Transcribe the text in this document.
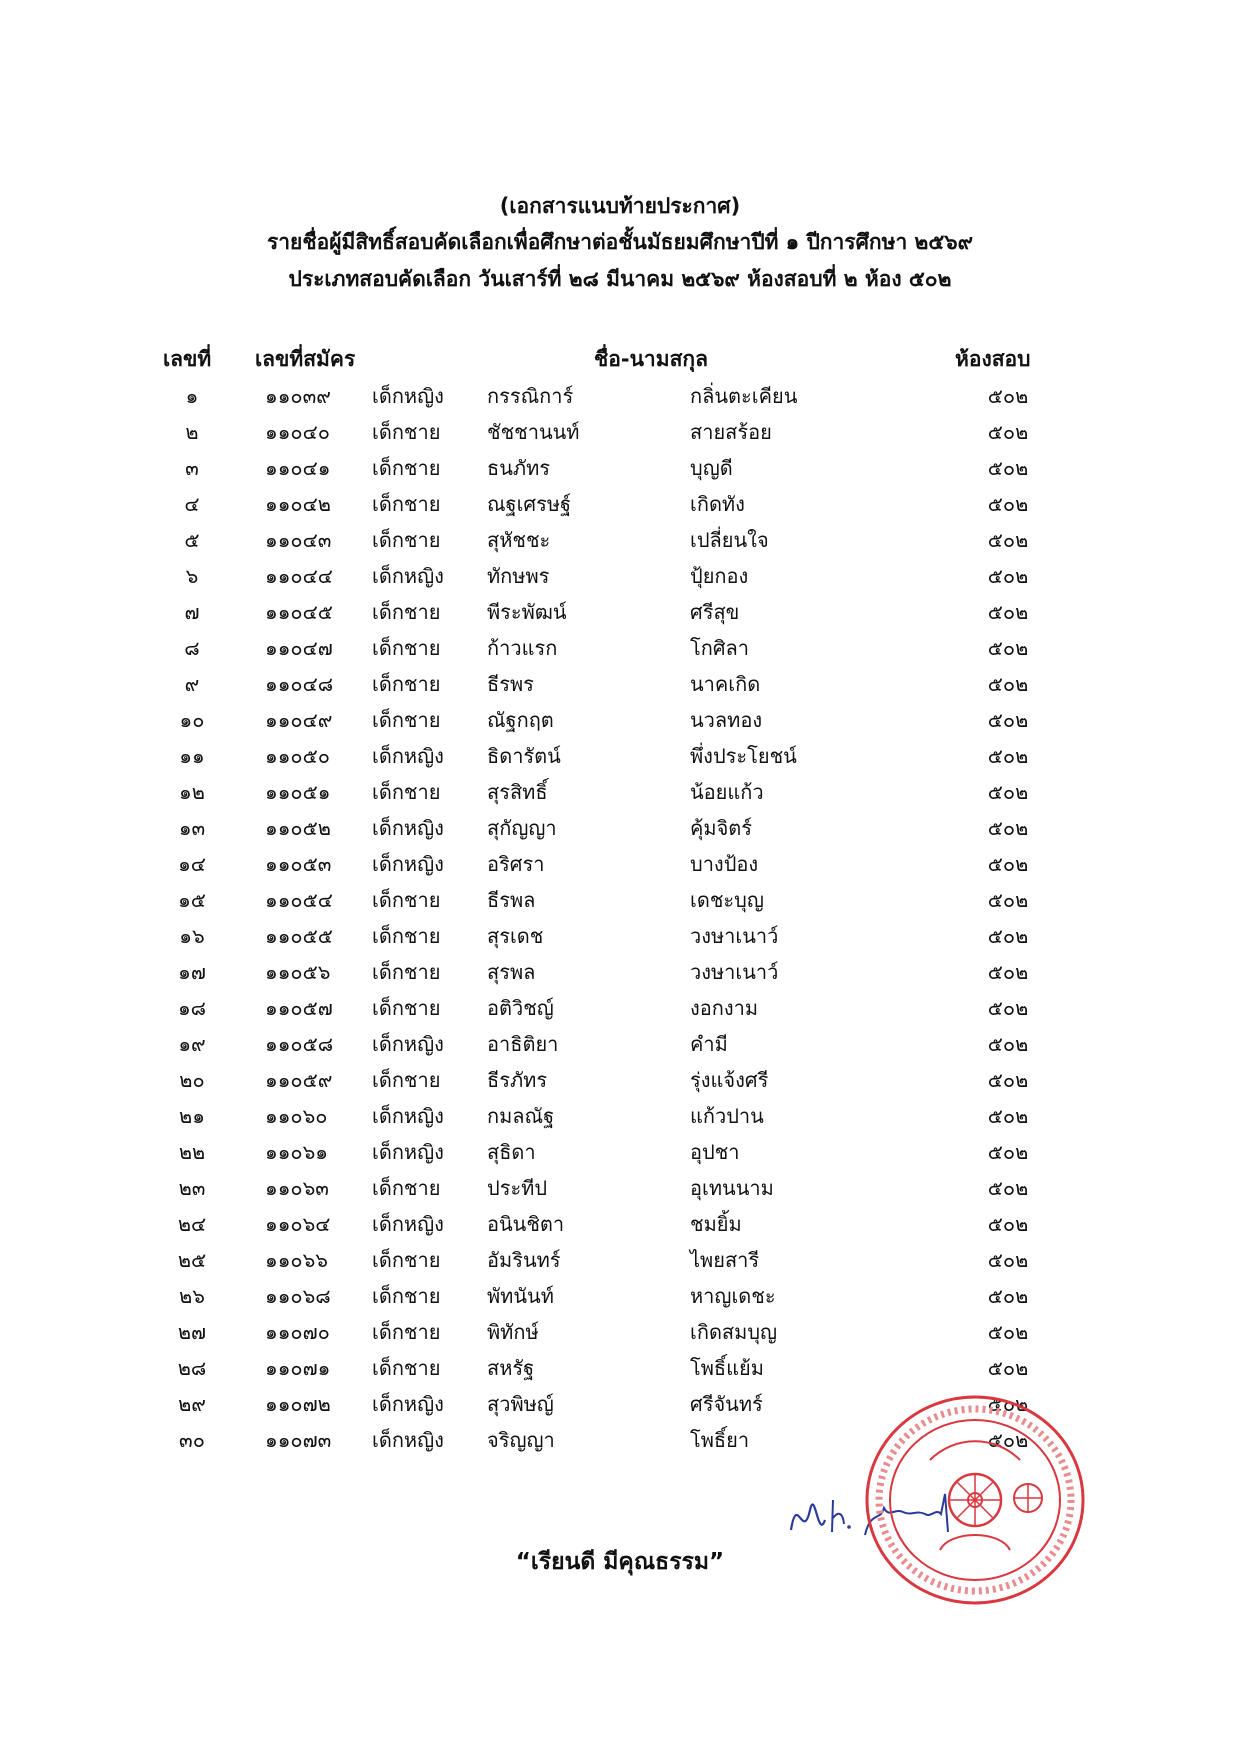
(เอกสารแนบท้ายประกาศ)
รายชื่อผู้มีสิทธิ์สอบคัดเลือกเพื่อศึกษาต่อชั้นมัธยมศึกษาปีที่ ๑ ปีการศึกษา ๒๕๖๙
ประเภทสอบคัดเลือก วันเสาร์ที่ ๒๘ มีนาคม ๒๕๖๙ ห้องสอบที่ ๒ ห้อง ๕๐๒
เลขที่ เลขที่สมัคร	ชื่อ-นามสกุล	ห้องสอบ
๑	๑๑๐๓๙ เด็กหญิง กรรณิการ์	กลิ่นตะเคียน	๕๐๒
๒	๑๑๐๔๐ เด็กชาย ชัชชานนท์	สายสร้อย	๕๐๒
๓	๑๑๐๔๑ เด็กชาย ธนภัทร	บุญดี	๕๐๒
๔	๑๑๐๔๒ เด็กชาย ณฐเศรษฐ์	เกิดทัง	๕๐๒
๕	๑๑๐๔๓ เด็กชาย สุหัชชะ	เปลี่ยนใจ	๕๐๒
๖	๑๑๐๔๔ เด็กหญิง ทักษพร	ปุ้ยกอง	๕๐๒
๗	๑๑๐๔๕ เด็กชาย พีระพัฒน์	ศรีสุข	๕๐๒
๘	๑๑๐๔๗ เด็กชาย ก้าวแรก	โกศิลา	๕๐๒
๙	๑๑๐๔๘ เด็กชาย ธีรพร	นาคเกิด	๕๐๒
๑๐	๑๑๐๔๙ เด็กชาย ณัฐกฤต	นวลทอง	๕๐๒
๑๑	๑๑๐๕๐ เด็กหญิง ธิดารัตน์	พึ่งประโยชน์	๕๐๒
๑๒	๑๑๐๕๑ เด็กชาย สุรสิทธิ์	น้อยแก้ว	๕๐๒
๑๓	๑๑๐๕๒ เด็กหญิง สุกัญญา	คุ้มจิตร์	๕๐๒
๑๔	๑๑๐๕๓ เด็กหญิง อริศรา	บางป้อง	๕๐๒
๑๕	๑๑๐๕๔ เด็กชาย ธีรพล	เดชะบุญ	๕๐๒
๑๖	๑๑๐๕๕ เด็กชาย สุรเดช	วงษาเนาว์	๕๐๒
๑๗	๑๑๐๕๖ เด็กชาย สุรพล	วงษาเนาว์	๕๐๒
๑๘	๑๑๐๕๗ เด็กชาย อติวิชญ์	งอกงาม	๕๐๒
๑๙	๑๑๐๕๘ เด็กหญิง อาธิติยา	คำมี	๕๐๒
๒๐	๑๑๐๕๙ เด็กชาย ธีรภัทร	รุ่งแจ้งศรี	๕๐๒
๒๑	๑๑๐๖๐ เด็กหญิง กมลณัฐ	แก้วปาน	๕๐๒
๒๒	๑๑๐๖๑ เด็กหญิง สุธิดา	อุปชา	๕๐๒
๒๓	๑๑๐๖๓ เด็กชาย ประทีป	อุเทนนาม	๕๐๒
๒๔	๑๑๐๖๔ เด็กหญิง อนินชิตา	ชมยิ้ม	๕๐๒
๒๕	๑๑๐๖๖ เด็กชาย อัมรินทร์	ไพยสารี	๕๐๒
๒๖	๑๑๐๖๘ เด็กชาย พัทนันท์	หาญเดชะ	๕๐๒
๒๗	๑๑๐๗๐ เด็กชาย พิทักษ์	เกิดสมบุญ	๕๐๒
๒๘	๑๑๐๗๑ เด็กชาย สหรัฐ	โพธิ์แย้ม	๕๐๒
๒๙	๑๑๐๗๒ เด็กหญิง สุวพิษญ์	ศรีจันทร์	๕๐๒
๓๐	๑๑๐๗๓ เด็กหญิง จริญญา	โพธิ์ยา	๕๐๒
“เรียนดี มีคุณธรรม”
